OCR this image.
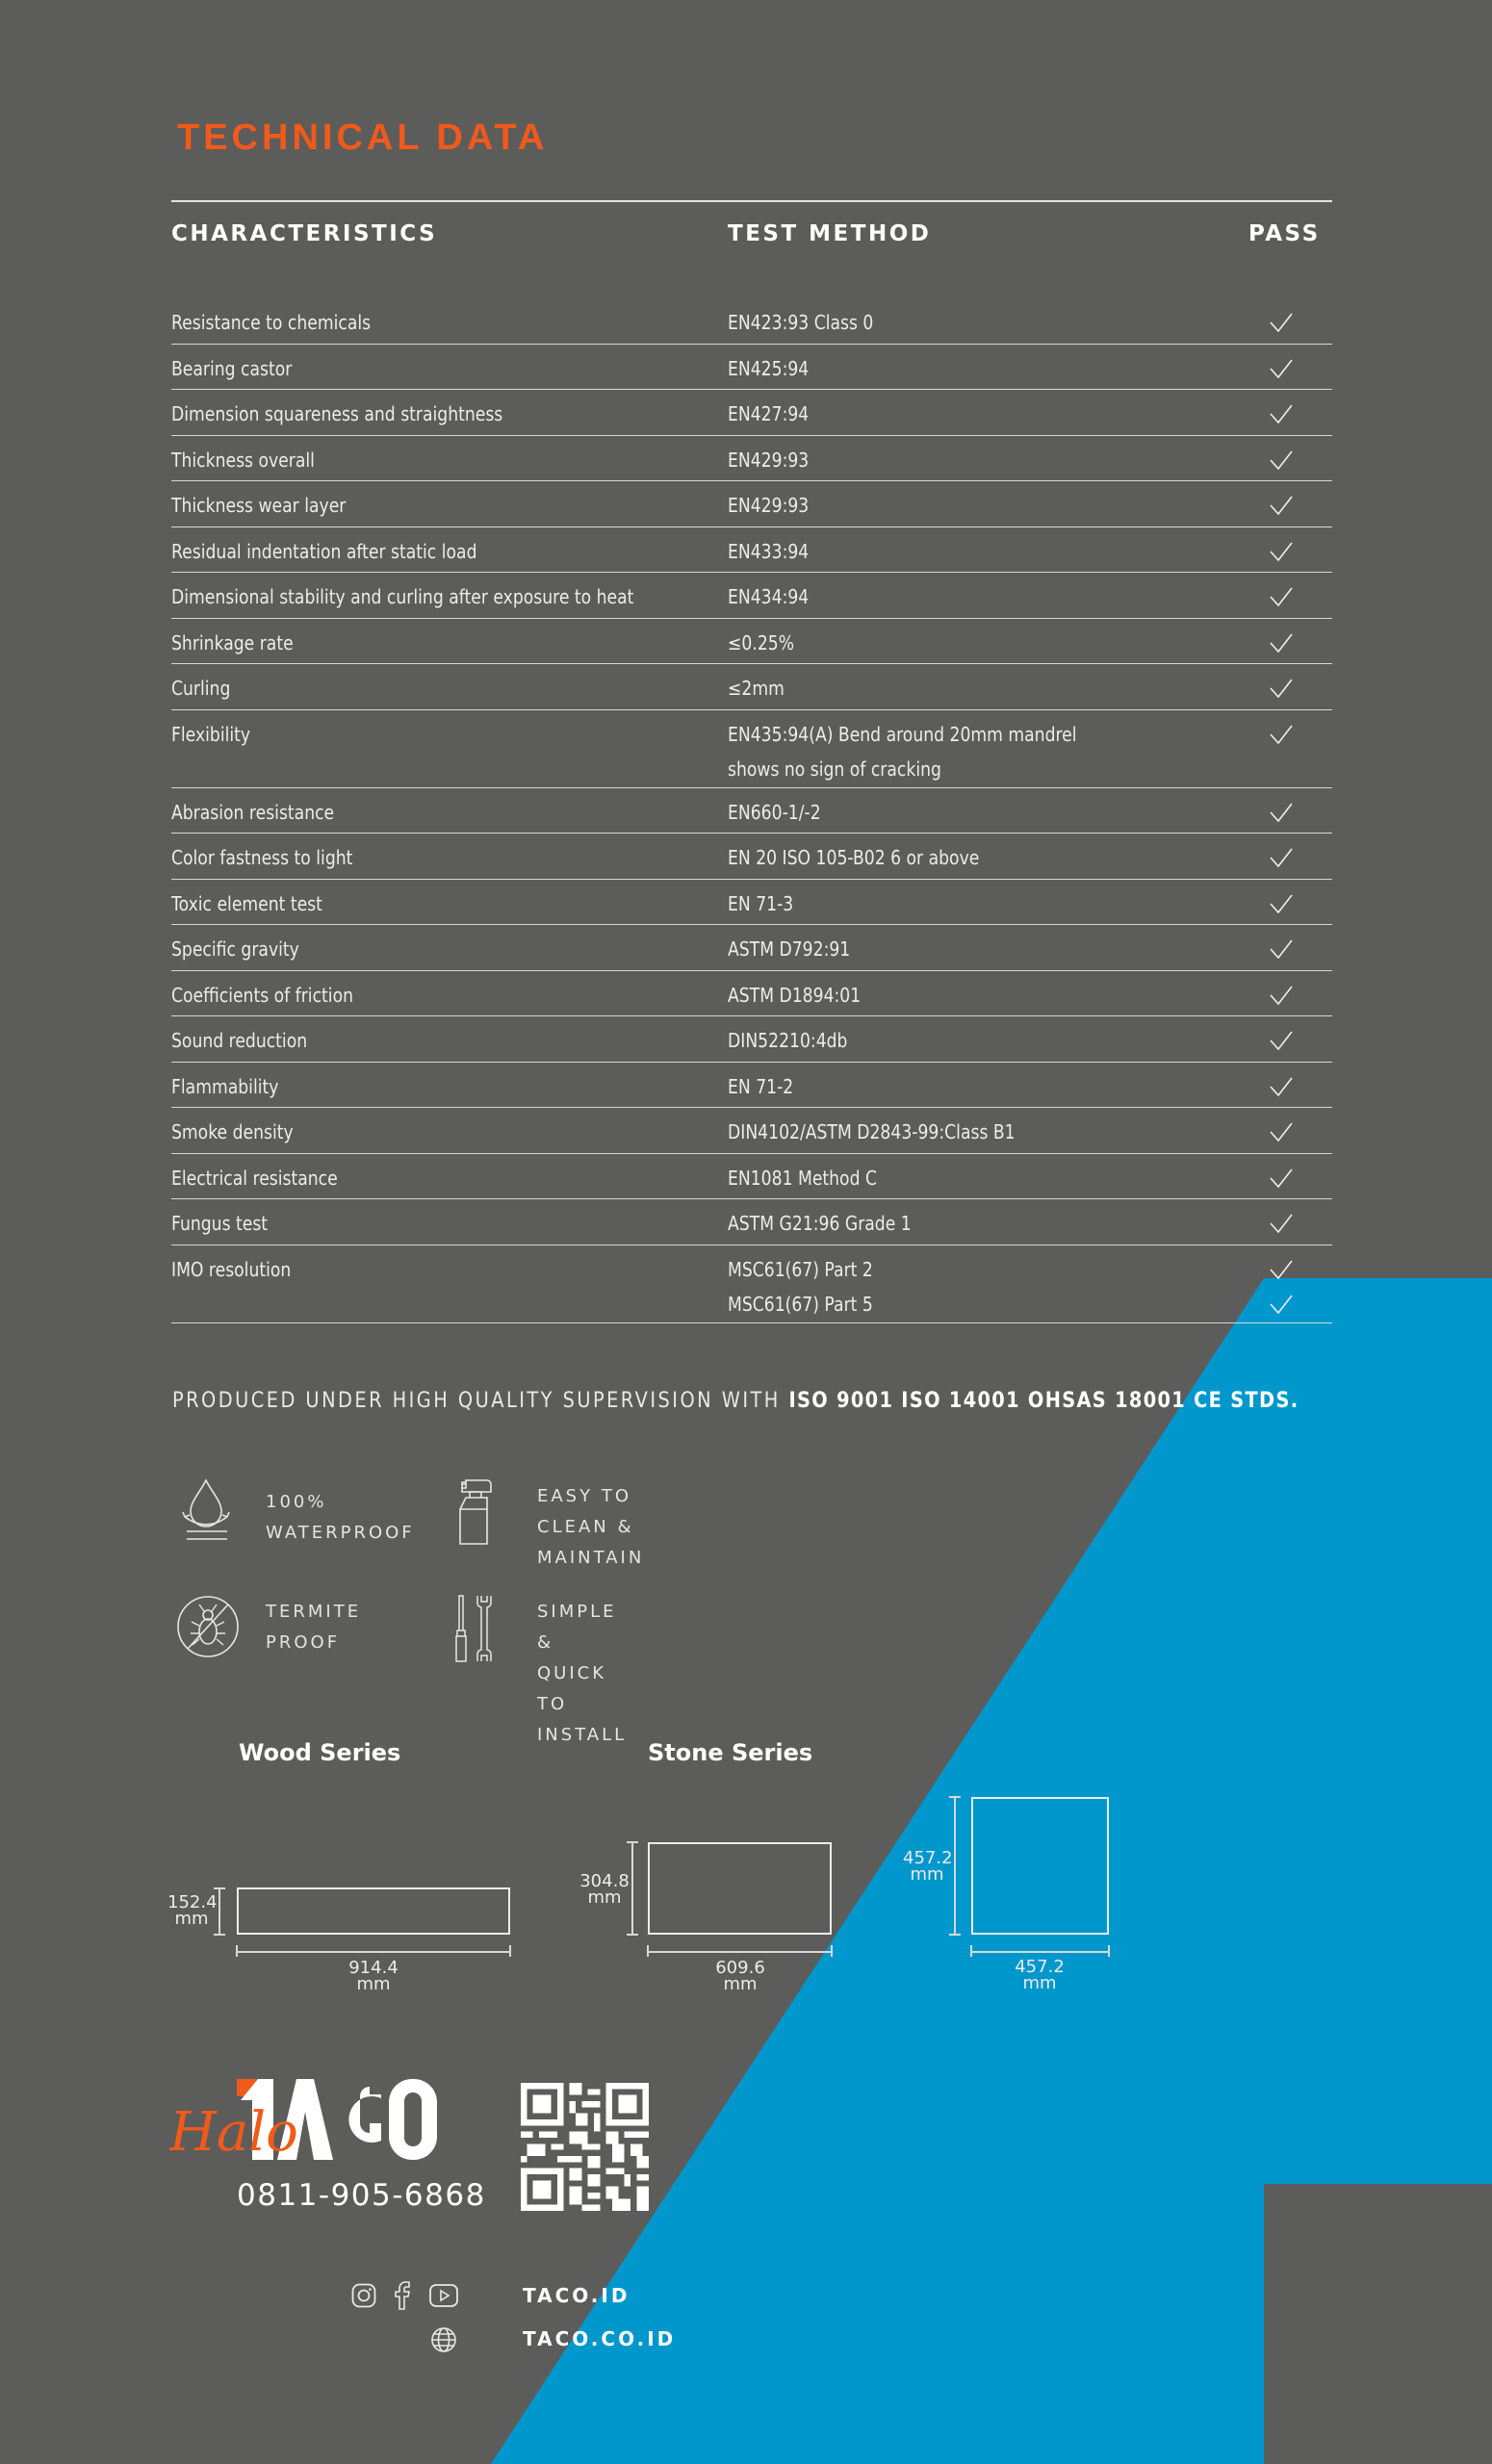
TECHNICAL DATA
CHARACTERISTICS	TEST METHOD	PASS
Resistance to chemicals	EN423:93 Class 0
Bearing castor	EN425:94
Dimension squareness and straightness	EN427:94
Thickness overall	EN429:93
Thickness wear layer	EN429:93
Residual indentation after static load	EN433:94
Dimensional stability and curling after exposure to heat	EN434:94
Shrinkage rate	≤0.25%
Curling	≤2mm
Flexibility	EN435:94(A) Bend around 20mm mandrel
shows no sign of cracking
Abrasion resistance	EN660-1/-2
Color fastness to light	EN 20 ISO 105-B02 6 or above
Toxic element test	EN 71-3
Specific gravity	ASTM D792:91
Coefficients of friction	ASTM D1894:01
Sound reduction	DIN52210:4db
Flammability	EN 71-2
Smoke density	DIN4102/ASTM D2843-99:Class B1
Electrical resistance	EN1081 Method C
Fungus test	ASTM G21:96 Grade 1
IMO resolution	MSC61(67) Part 2
MSC61(67) Part 5
PRODUCED UNDER HIGH QUALITY SUPERVISION WITH ISO 9001 ISO 14001 OHSAS 18001 CE STDS.
100%
WATERPROOF
EASY TO CLEAN &
MAINTAIN
TERMITE
PROOF
SIMPLE & QUICK
TO INSTALL
Wood Series	Stone Series
152.4
mm
914.4
mm
304.8
mm
609.6
mm
457.2
mm
457.2
mm
Halo
0811-905-6868
TACO.ID
TACO.CO.ID
